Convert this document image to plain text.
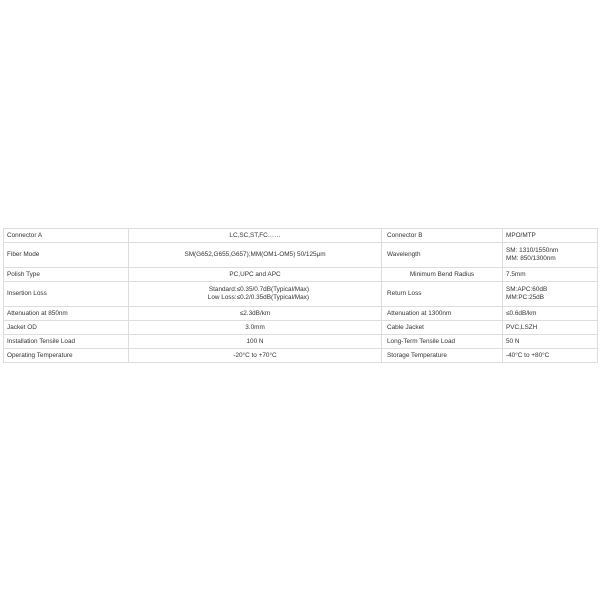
Connector A	LC,SC,ST,FC……	Connector B	MPO/MTP

Fiber Mode	SM(G652,G655,G657);MM(OM1-OM5) 50/125μm	Wavelength	SM: 1310/1550nm
MM: 850/1300nm

Polish Type	PC,UPC and APC	Minimum Bend Radius	7.5mm

Insertion Loss	Standard:≤0.35/0.7dB(Typical/Max)
Low Loss:≤0.2/0.35dB(Typical/Max)	Return Loss	SM:APC:60dB
MM:PC:25dB

Attenuation at 850nm	≤2.3dB/km	Attenuation at 1300nm	≤0.6dB/km

Jacket OD	3.0mm	Cable Jacket	PVC,LSZH

Installation Tensile Load	100 N	Long-Term Tensile Load	50 N

Operating Temperature	-20°C to +70°C	Storage Temperature	-40°C to +80°C
